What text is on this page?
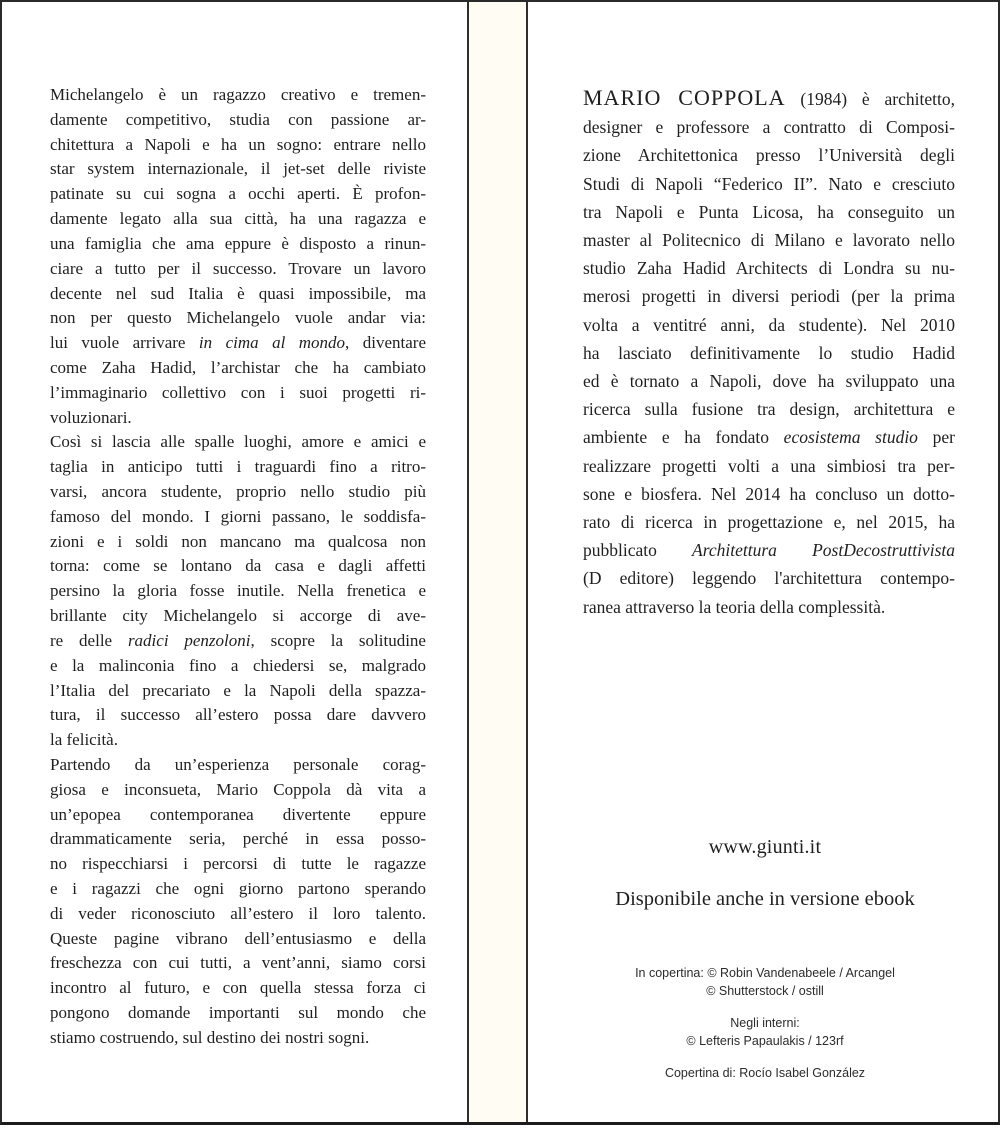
Michelangelo è un ragazzo creativo e tremen-
damente competitivo, studia con passione ar-
chitettura a Napoli e ha un sogno: entrare nello
star system internazionale, il jet-set delle riviste
patinate su cui sogna a occhi aperti. È profon-
damente legato alla sua città, ha una ragazza e
una famiglia che ama eppure è disposto a rinun-
ciare a tutto per il successo. Trovare un lavoro
decente nel sud Italia è quasi impossibile, ma
non per questo Michelangelo vuole andar via:
lui vuole arrivare in cima al mondo, diventare
come Zaha Hadid, l’archistar che ha cambiato
l’immaginario collettivo con i suoi progetti ri-
voluzionari.
Così si lascia alle spalle luoghi, amore e amici e
taglia in anticipo tutti i traguardi fino a ritro-
varsi, ancora studente, proprio nello studio più
famoso del mondo. I giorni passano, le soddisfa-
zioni e i soldi non mancano ma qualcosa non
torna: come se lontano da casa e dagli affetti
persino la gloria fosse inutile. Nella frenetica e
brillante city Michelangelo si accorge di ave-
re delle radici penzoloni, scopre la solitudine
e la malinconia fino a chiedersi se, malgrado
l’Italia del precariato e la Napoli della spazza-
tura, il successo all’estero possa dare davvero
la felicità.
Partendo da un’esperienza personale corag-
giosa e inconsueta, Mario Coppola dà vita a
un’epopea contemporanea divertente eppure
drammaticamente seria, perché in essa posso-
no rispecchiarsi i percorsi di tutte le ragazze
e i ragazzi che ogni giorno partono sperando
di veder riconosciuto all’estero il loro talento.
Queste pagine vibrano dell’entusiasmo e della
freschezza con cui tutti, a vent’anni, siamo corsi
incontro al futuro, e con quella stessa forza ci
pongono domande importanti sul mondo che
stiamo costruendo, sul destino dei nostri sogni.
MARIO COPPOLA (1984) è architetto,
designer e professore a contratto di Composi-
zione Architettonica presso l’Università degli
Studi di Napoli “Federico II”. Nato e cresciuto
tra Napoli e Punta Licosa, ha conseguito un
master al Politecnico di Milano e lavorato nello
studio Zaha Hadid Architects di Londra su nu-
merosi progetti in diversi periodi (per la prima
volta a ventitré anni, da studente). Nel 2010
ha lasciato definitivamente lo studio Hadid
ed è tornato a Napoli, dove ha sviluppato una
ricerca sulla fusione tra design, architettura e
ambiente e ha fondato ecosistema studio per
realizzare progetti volti a una simbiosi tra per-
sone e biosfera. Nel 2014 ha concluso un dotto-
rato di ricerca in progettazione e, nel 2015, ha
pubblicato Architettura PostDecostruttivista
(D editore) leggendo l'architettura contempo-
ranea attraverso la teoria della complessità.
www.giunti.it
Disponibile anche in versione ebook
In copertina: © Robin Vandenabeele / Arcangel
© Shutterstock / ostill
Negli interni:
© Lefteris Papaulakis / 123rf
Copertina di: Rocío Isabel González
